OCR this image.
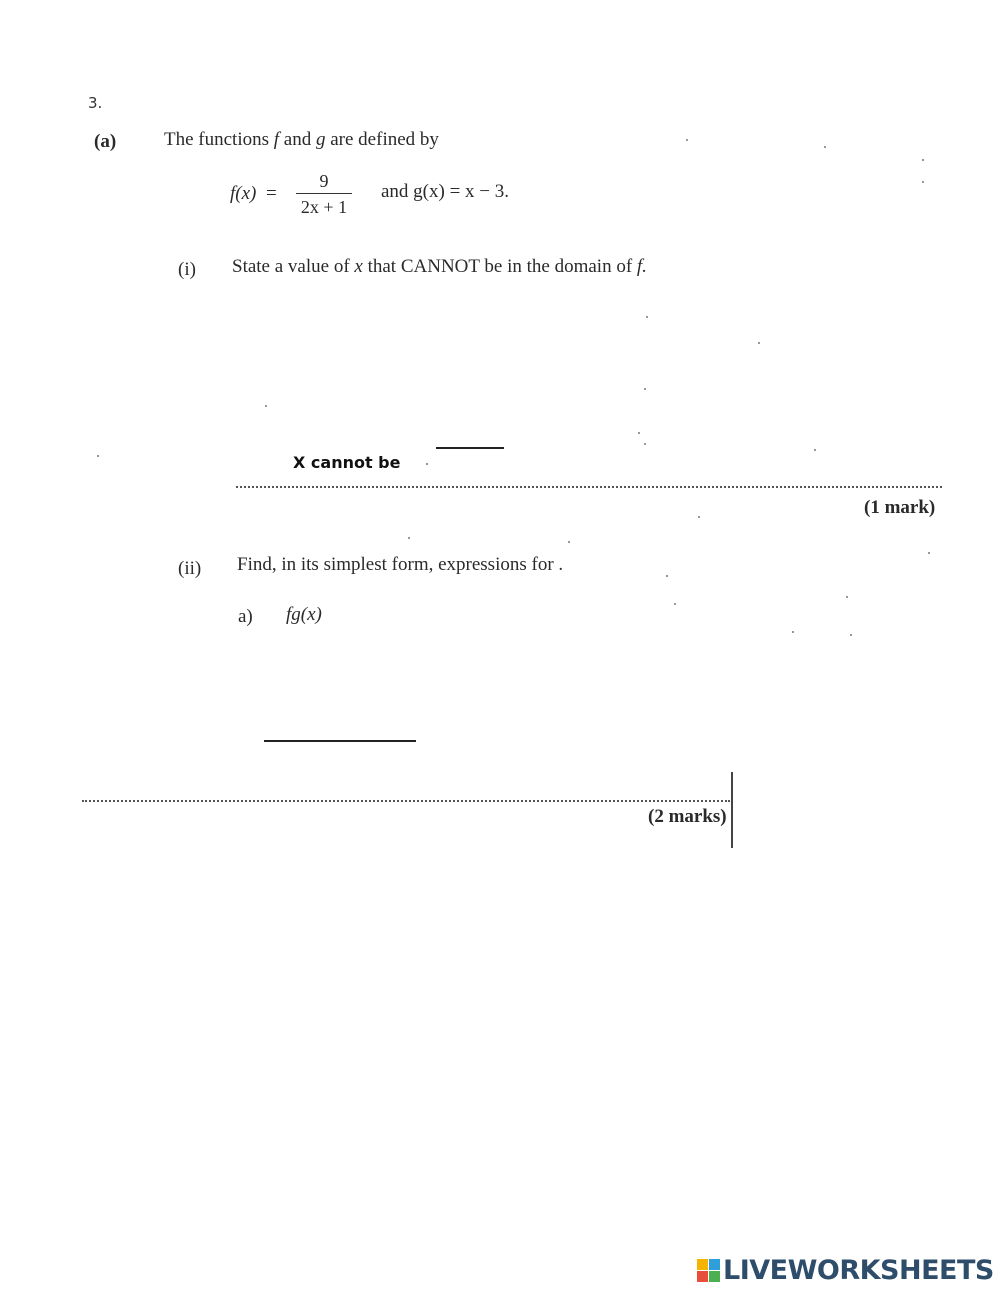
3.
(a)	The functions f and g are defined by
f(x) =
9
2x + 1
and g(x) = x − 3.
(i) State a value of x that CANNOT be in the domain of f.
X cannot be
(1 mark)
(ii) Find, in its simplest form, expressions for .
a) fg(x)
(2 marks)
LIVEWORKSHEETS
